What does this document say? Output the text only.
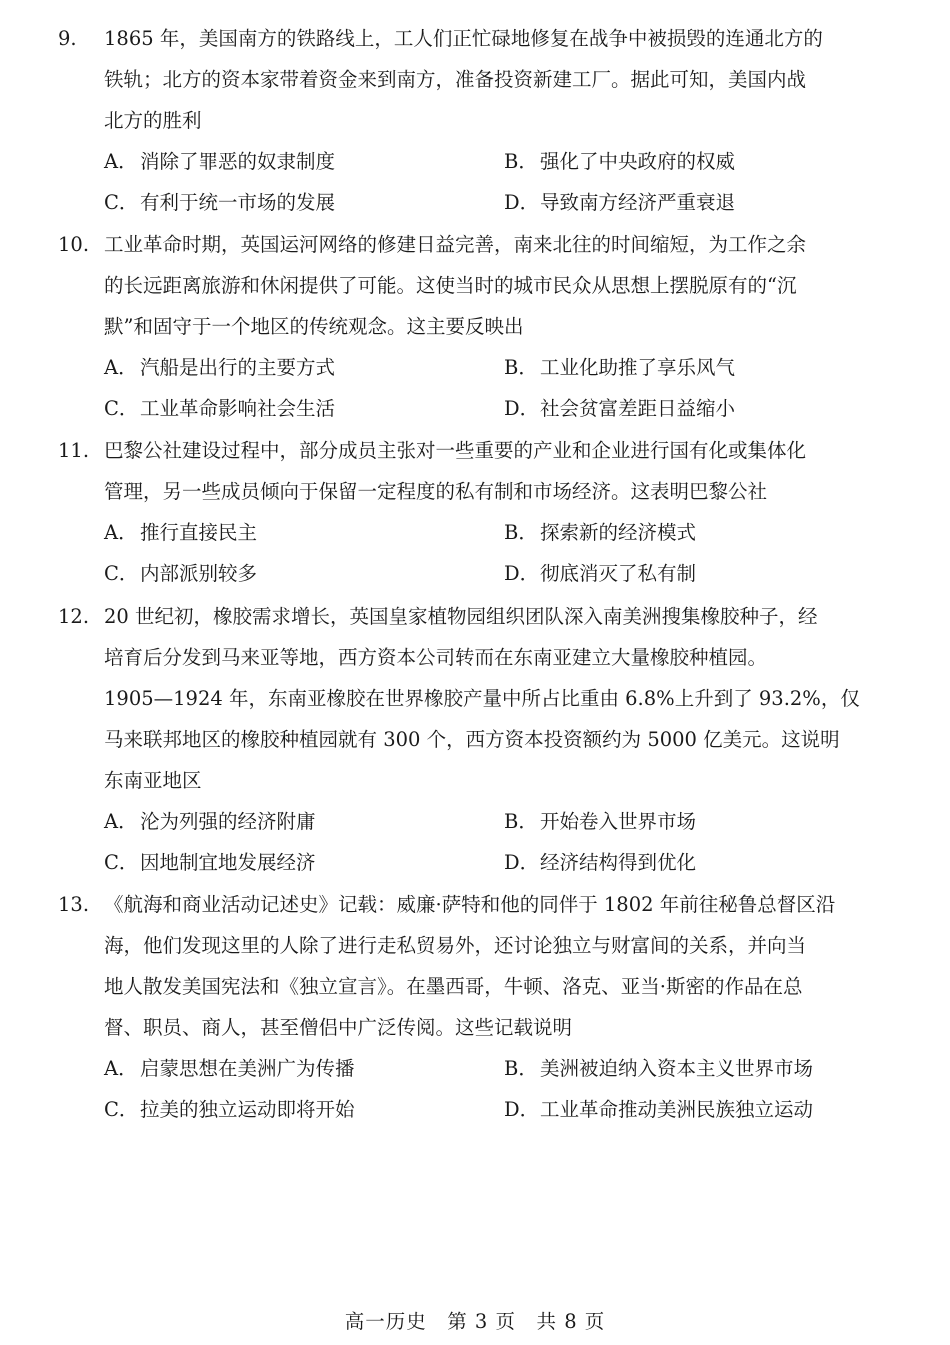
9. 1865 年，美国南方的铁路线上，工人们正忙碌地修复在战争中被损毁的连通北方的
铁轨；北方的资本家带着资金来到南方，准备投资新建工厂。据此可知，美国内战
北方的胜利
A． 消除了罪恶的奴隶制度	B． 强化了中央政府的权威
C．有利于统一市场的发展	D．导致南方经济严重衰退
10. 工业革命时期，英国运河网络的修建日益完善，南来北往的时间缩短，为工作之余
的长远距离旅游和休闲提供了可能。这使当时的城市民众从思想上摆脱原有的“沉
默”和固守于一个地区的传统观念。这主要反映出
A． 汽船是出行的主要方式	B． 工业化助推了享乐风气
C．工业革命影响社会生活	D．社会贫富差距日益缩小
11. 巴黎公社建设过程中，部分成员主张对一些重要的产业和企业进行国有化或集体化
管理，另一些成员倾向于保留一定程度的私有制和市场经济。这表明巴黎公社
A． 推行直接民主	B． 探索新的经济模式
C．内部派别较多	D．彻底消灭了私有制
12. 20 世纪初，橡胶需求增长，英国皇家植物园组织团队深入南美洲搜集橡胶种子，经
培育后分发到马来亚等地，西方资本公司转而在东南亚建立大量橡胶种植园。
1905—1924 年，东南亚橡胶在世界橡胶产量中所占比重由 6.8%上升到了 93.2%，仅
马来联邦地区的橡胶种植园就有 300 个，西方资本投资额约为 5000 亿美元。这说明
东南亚地区
A． 沦为列强的经济附庸	B． 开始卷入世界市场
C．因地制宜地发展经济	D．经济结构得到优化
13. 《航海和商业活动记述史》记载：威廉·萨特和他的同伴于 1802 年前往秘鲁总督区沿
海，他们发现这里的人除了进行走私贸易外，还讨论独立与财富间的关系，并向当
地人散发美国宪法和《独立宣言》。在墨西哥，牛顿、洛克、亚当·斯密的作品在总
督、职员、商人，甚至僧侣中广泛传阅。这些记载说明
A． 启蒙思想在美洲广为传播	B． 美洲被迫纳入资本主义世界市场
C．拉美的独立运动即将开始	D．工业革命推动美洲民族独立运动
高一历史　第 3 页　共 8 页
